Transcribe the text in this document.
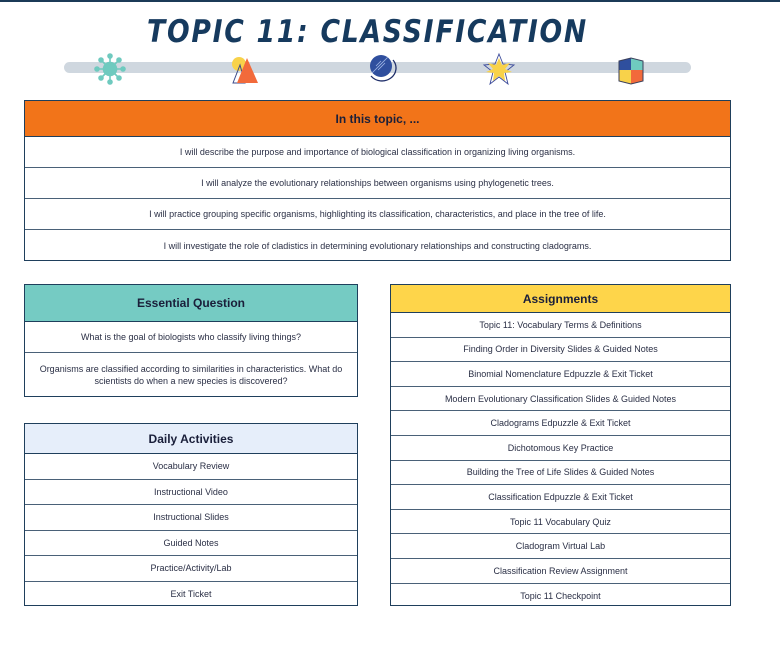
TOPIC 11: CLASSIFICATION
In this topic, ...
I will describe the purpose and importance of biological classification in organizing living organisms.
I will analyze the evolutionary relationships between organisms using phylogenetic trees.
I will practice grouping specific organisms, highlighting its classification, characteristics, and place in the tree of life.
I will investigate the role of cladistics in determining evolutionary relationships and constructing cladograms.
Essential Question
What is the goal of biologists who classify living things?
Organisms are classified according to similarities in characteristics. What do scientists do when a new species is discovered?
Daily Activities
Vocabulary Review
Instructional Video
Instructional Slides
Guided Notes
Practice/Activity/Lab
Exit Ticket
Assignments
Topic 11: Vocabulary Terms & Definitions
Finding Order in Diversity Slides & Guided Notes
Binomial Nomenclature Edpuzzle & Exit Ticket
Modern Evolutionary Classification Slides & Guided Notes
Cladograms Edpuzzle & Exit Ticket
Dichotomous Key Practice
Building the Tree of Life Slides & Guided Notes
Classification Edpuzzle & Exit Ticket
Topic 11 Vocabulary Quiz
Cladogram Virtual Lab
Classification Review Assignment
Topic 11 Checkpoint
